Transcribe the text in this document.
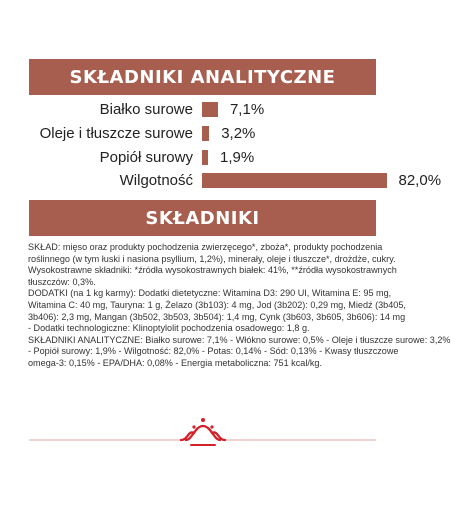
SKŁADNIKI ANALITYCZNE
Białko surowe 7,1%
Oleje i tłuszcze surowe 3,2%
Popiół surowy 1,9%
Wilgotność	82,0%
SKŁADNIKI

SKŁAD: mięso oraz produkty pochodzenia zwierzęcego*, zboża*, produkty pochodzenia

roślinnego (w tym łuski i nasiona psyllium, 1,2%), minerały, oleje i tłuszcze*, drożdże, cukry.

Wysokostrawne składniki: *źródła wysokostrawnych białek: 41%, **źródła wysokostrawnych

tłuszczów: 0,3%.

DODATKI (na 1 kg karmy): Dodatki dietetyczne: Witamina D3: 290 UI, Witamina E: 95 mg,

Witamina C: 40 mg, Tauryna: 1 g, Żelazo (3b103): 4 mg, Jod (3b202): 0,29 mg, Miedź (3b405,

3b406): 2,3 mg, Mangan (3b502, 3b503, 3b504): 1,4 mg, Cynk (3b603, 3b605, 3b606): 14 mg

- Dodatki technologiczne: Klinoptylolit pochodzenia osadowego: 1,8 g.

SKŁADNIKI ANALITYCZNE: Białko surowe: 7,1% - Włókno surowe: 0,5% - Oleje i tłuszcze surowe: 3,2%

- Popiół surowy: 1,9% - Wilgotność: 82,0% - Potas: 0,14% - Sód: 0,13% - Kwasy tłuszczowe

omega-3: 0,15% - EPA/DHA: 0,08% - Energia metaboliczna: 751 kcal/kg.
